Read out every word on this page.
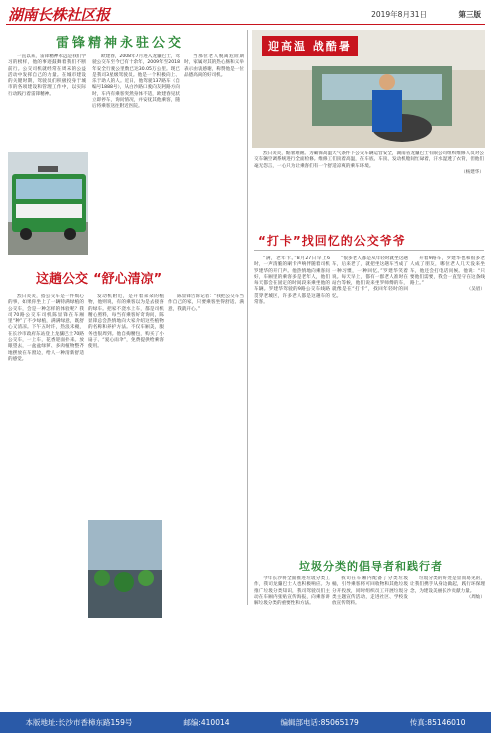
湖南长株社区报	2019年8月31日	第三版
雷锋精神永驻公交

一直以来，雷锋精神永远是我们学习的榜样，他的事迹鼓舞着我们不断前行。公交司机就经常在周末的公益活动中发挥自己的力量。在城市建设的关键时期，驾驶员们积极投身于城市的各项建设和管理工作中，以实际行动践行着雷锋精神。

欧建春，2008年7月进入龙骧巴士，驾驶公交车至今已有十余年，2009年至2018年安全行驶公里数已达30.05万公里。现已是我司3星级驾驶员。他是一个积极向上、乐于助人的人。近日，他驾驶137路车（自编号1888号），从白沙路口驶向友阿路方向时，车内有乘客突然身体不适，欧建春见状立即停车，询问情况，并安抚其他乘客，随后将乘客送往附近医院。

当那位老人脱离危险期时，家属对其的热心肠和义举表示由衷感谢，称赞他是一位品德高尚的好司机。

迎高温 战酷暑

烈日炎炎，酷暑难耐。为确保高温天气条件下公交车辆运营安全，湖南省龙骧巴士有限公司组织维修人员对公交车辆空调系统进行全面检修。维修工们顶着高温，在车底、车顶、发动机舱间忙碌着，汗水湿透了衣背，但他们毫无怨言，一心只为让乘客们有一个舒适凉爽的乘车环境。

（杨建华）
“打卡”找回忆的公交爷爷
这趟公交 “舒心清凉”

烈日炎炎，搭公交车是一件烦心的事，如果你坐上了一辆特满绿植的公交车，会是一种怎样的体验呢？我司70路公交车司机陈显锋在车厢里“种”了不少绿植，满满绿意，既舒心又清凉。下午五时许，热浪未褪，在长沙市政府东站登上龙骧巴士70路公交车，一上车，花香迎面扑来。放眼望去，一盆盆绿萝、多肉植物整齐地摆放在车窗边，给人一种清新舒适的感觉。

发动机附近，是开着朵朵的植物，他则说，有的乘客以为是去接喜的绿车。把家不浇水上车，都是司机精心照料，每当有乘客好奇询问，陈显锋总会热情地向大家介绍这些植物的名称和养护方法。不仅车厢美，服务也很周到。他自掏腰包，购买了小扇子、“爱心雨伞”，免费提供给乘客使用。

陈显锋告诉记者：“我把公交车当作自己的家，只要乘客坐得舒适、满意，我就开心。”

“满，老年卡。”8月27日早上6时，一声清脆的刷卡声响伴随着司机罗建华的开门声。他热情地向乘客问好，车厢里的乘客多是老年人，他们每天都会在固定的时间段来乘坐他的车辆。罗建华驾驶的9路公交车线路贯穿老城区，许多老人都是这趟车的常客。

“很多老人都是从年轻时就坐这趟车，后来老了，就把坐这趟车当成了一种习惯，一种回忆。”罗建华笑着说。每天早上，都有一群老人准时在站台等候，他们说来坐罗师傅的车，就像是在“打卡”，找回年轻时的回忆。

开着9路车，罗建华也和很多老人成了朋友，哪位老人几天没来坐车，他还会打电话问候。他说：“只要他们需要，我会一直坚守在这条线路上。”

（吴眉）
垃圾分类的倡导者和践行者

今年长沙将全面推进垃圾分类工作，我司龙骧巴士人也积极响应。为推广垃圾分类知识，我司驾驶员们主动在车厢内张贴宣传海报，向乘客讲解垃圾分类的重要性和方法。

我司在车厢内配备了分类垃圾桶，引导乘客将可回收物和其他垃圾分开投放，同时组织员工开展垃圾分类主题宣传活动，走进社区、学校发放宣传资料。

垃圾分类的好处是显而易见的，让我们携手从身边做起，践行环保理念，为建设美丽长沙贡献力量。

（周灿）
本版地址:长沙市香樟东路159号	邮编:410014	编辑部电话:85065179	传真:85146010
